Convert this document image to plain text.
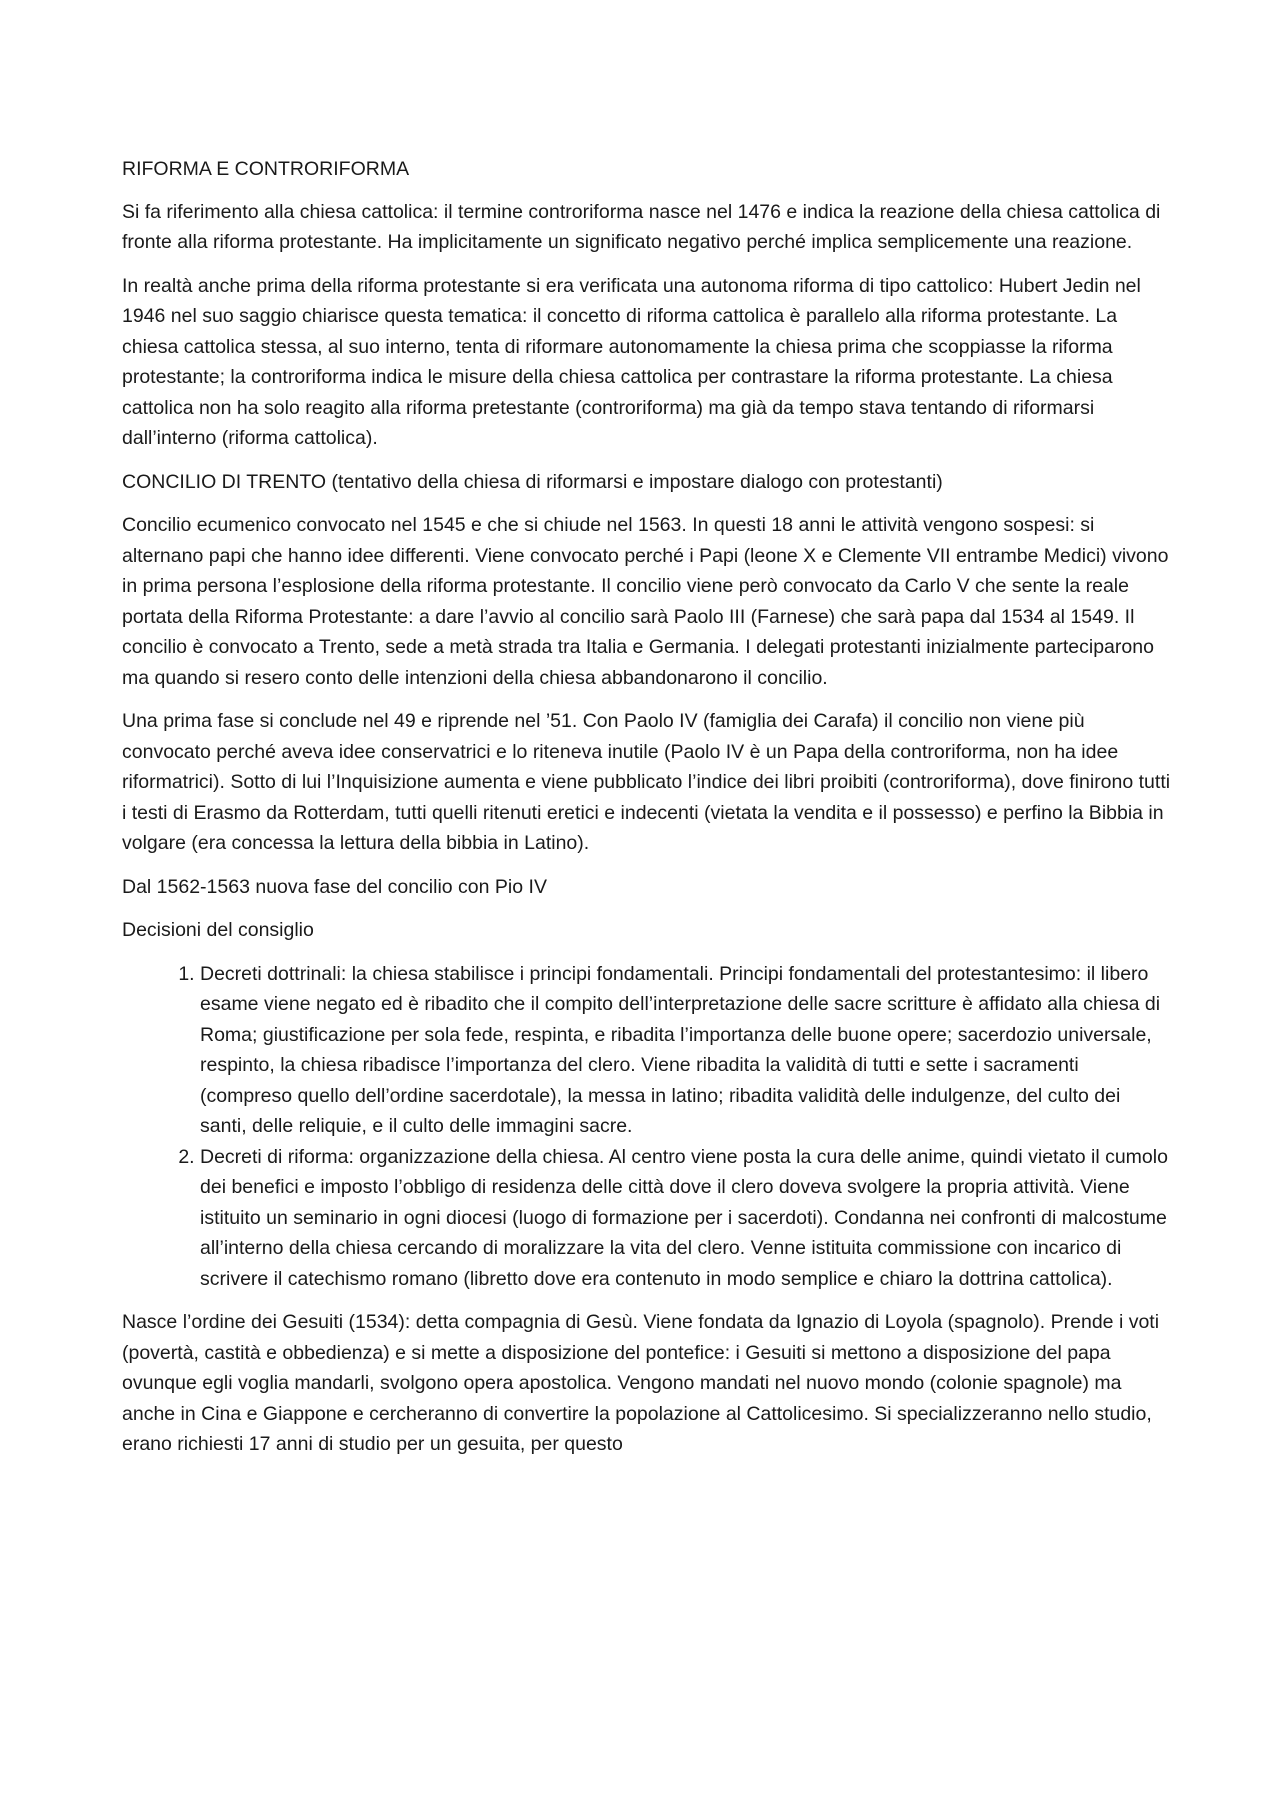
RIFORMA E CONTRORIFORMA

Si fa riferimento alla chiesa cattolica: il termine controriforma nasce nel 1476 e indica la reazione della chiesa cattolica di fronte alla riforma protestante. Ha implicitamente un significato negativo perché implica semplicemente una reazione.

In realtà anche prima della riforma protestante si era verificata una autonoma riforma di tipo cattolico: Hubert Jedin nel 1946 nel suo saggio chiarisce questa tematica: il concetto di riforma cattolica è parallelo alla riforma protestante. La chiesa cattolica stessa, al suo interno, tenta di riformare autonomamente la chiesa prima che scoppiasse la riforma protestante; la controriforma indica le misure della chiesa cattolica per contrastare la riforma protestante. La chiesa cattolica non ha solo reagito alla riforma pretestante (controriforma) ma già da tempo stava tentando di riformarsi dall’interno (riforma cattolica).

CONCILIO DI TRENTO (tentativo della chiesa di riformarsi e impostare dialogo con protestanti)

Concilio ecumenico convocato nel 1545 e che si chiude nel 1563. In questi 18 anni le attività vengono sospesi: si alternano papi che hanno idee differenti. Viene convocato perché i Papi (leone X e Clemente VII entrambe Medici) vivono in prima persona l’esplosione della riforma protestante. Il concilio viene però convocato da Carlo V che sente la reale portata della Riforma Protestante: a dare l’avvio al concilio sarà Paolo III (Farnese) che sarà papa dal 1534 al 1549. Il concilio è convocato a Trento, sede a metà strada tra Italia e Germania. I delegati protestanti inizialmente parteciparono ma quando si resero conto delle intenzioni della chiesa abbandonarono il concilio.

Una prima fase si conclude nel 49 e riprende nel ’51. Con Paolo IV (famiglia dei Carafa) il concilio non viene più convocato perché aveva idee conservatrici e lo riteneva inutile (Paolo IV è un Papa della controriforma, non ha idee riformatrici). Sotto di lui l’Inquisizione aumenta e viene pubblicato l’indice dei libri proibiti (controriforma), dove finirono tutti i testi di Erasmo da Rotterdam, tutti quelli ritenuti eretici e indecenti (vietata la vendita e il possesso) e perfino la Bibbia in volgare (era concessa la lettura della bibbia in Latino).

Dal 1562-1563 nuova fase del concilio con Pio IV

Decisioni del consiglio

1. Decreti dottrinali: la chiesa stabilisce i principi fondamentali. Principi fondamentali del protestantesimo: il libero esame viene negato ed è ribadito che il compito dell’interpretazione delle sacre scritture è affidato alla chiesa di Roma; giustificazione per sola fede, respinta, e ribadita l’importanza delle buone opere; sacerdozio universale, respinto, la chiesa ribadisce l’importanza del clero. Viene ribadita la validità di tutti e sette i sacramenti (compreso quello dell’ordine sacerdotale), la messa in latino; ribadita validità delle indulgenze, del culto dei santi, delle reliquie, e il culto delle immagini sacre.
2. Decreti di riforma: organizzazione della chiesa. Al centro viene posta la cura delle anime, quindi vietato il cumolo dei benefici e imposto l’obbligo di residenza delle città dove il clero doveva svolgere la propria attività. Viene istituito un seminario in ogni diocesi (luogo di formazione per i sacerdoti). Condanna nei confronti di malcostume all’interno della chiesa cercando di moralizzare la vita del clero. Venne istituita commissione con incarico di scrivere il catechismo romano (libretto dove era contenuto in modo semplice e chiaro la dottrina cattolica).

Nasce l’ordine dei Gesuiti (1534): detta compagnia di Gesù. Viene fondata da Ignazio di Loyola (spagnolo). Prende i voti (povertà, castità e obbedienza) e si mette a disposizione del pontefice: i Gesuiti si mettono a disposizione del papa ovunque egli voglia mandarli, svolgono opera apostolica. Vengono mandati nel nuovo mondo (colonie spagnole) ma anche in Cina e Giappone e cercheranno di convertire la popolazione al Cattolicesimo. Si specializzeranno nello studio, erano richiesti 17 anni di studio per un gesuita, per questo
